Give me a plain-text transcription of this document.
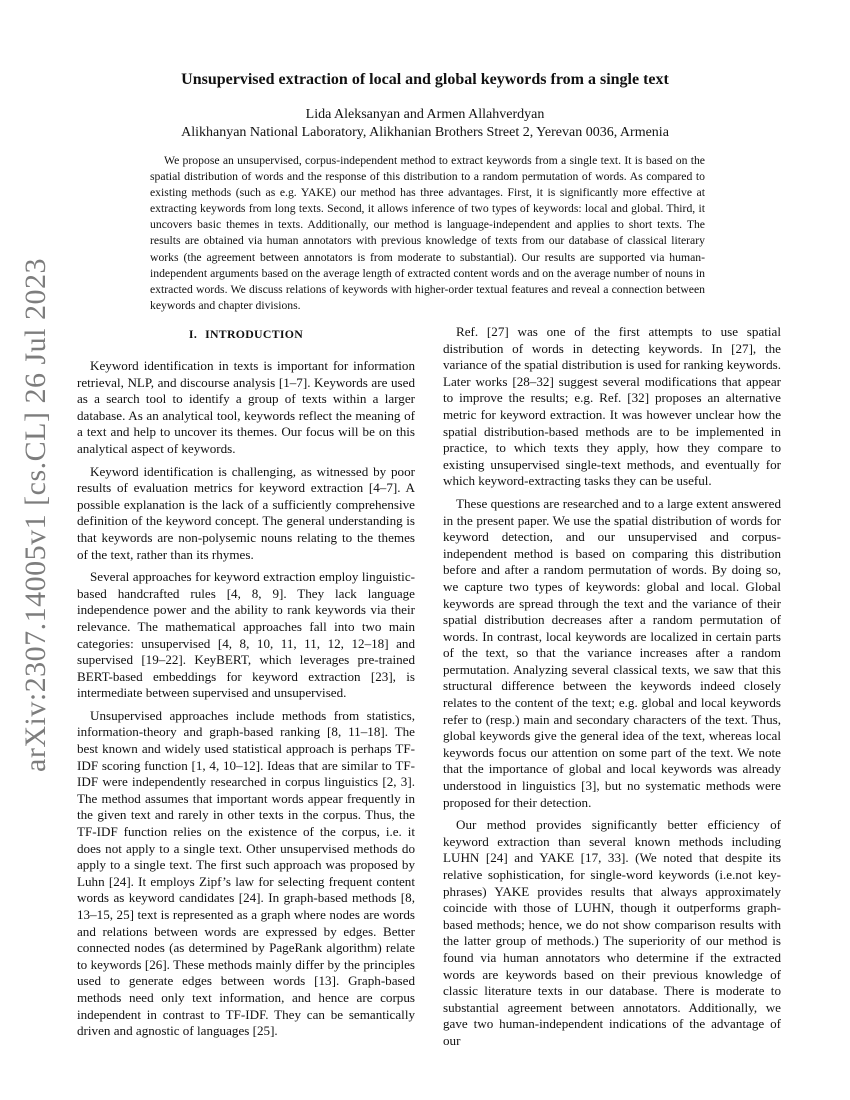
arXiv:2307.14005v1 [cs.CL] 26 Jul 2023
Unsupervised extraction of local and global keywords from a single text
Lida Aleksanyan and Armen Allahverdyan
Alikhanyan National Laboratory, Alikhanian Brothers Street 2, Yerevan 0036, Armenia

We propose an unsupervised, corpus-independent method to extract keywords from a single text. It is based on the spatial distribution of words and the response of this distribution to a random permutation of words. As compared to existing methods (such as e.g. YAKE) our method has three advantages. First, it is significantly more effective at extracting keywords from long texts. Second, it allows inference of two types of keywords: local and global. Third, it uncovers basic themes in texts. Additionally, our method is language-independent and applies to short texts. The results are obtained via human annotators with previous knowledge of texts from our database of classical literary works (the agreement between annotators is from moderate to substantial). Our results are supported via human-independent arguments based on the average length of extracted content words and on the average number of nouns in extracted words. We discuss relations of keywords with higher-order textual features and reveal a connection between keywords and chapter divisions.

I. INTRODUCTION

Keyword identification in texts is important for information retrieval, NLP, and discourse analysis [1–7]. Keywords are used as a search tool to identify a group of texts within a larger database. As an analytical tool, keywords reflect the meaning of a text and help to uncover its themes. Our focus will be on this analytical aspect of keywords.

Keyword identification is challenging, as witnessed by poor results of evaluation metrics for keyword extraction [4–7]. A possible explanation is the lack of a sufficiently comprehensive definition of the keyword concept. The general understanding is that keywords are non-polysemic nouns relating to the themes of the text, rather than its rhymes.

Several approaches for keyword extraction employ linguistic-based handcrafted rules [4, 8, 9]. They lack language independence power and the ability to rank keywords via their relevance. The mathematical approaches fall into two main categories: unsupervised [4, 8, 10, 11, 11, 12, 12–18] and supervised [19–22]. KeyBERT, which leverages pre-trained BERT-based embeddings for keyword extraction [23], is intermediate between supervised and unsupervised.

Unsupervised approaches include methods from statistics, information-theory and graph-based ranking [8, 11–18]. The best known and widely used statistical approach is perhaps TF-IDF scoring function [1, 4, 10–12]. Ideas that are similar to TF-IDF were independently researched in corpus linguistics [2, 3]. The method assumes that important words appear frequently in the given text and rarely in other texts in the corpus. Thus, the TF-IDF function relies on the existence of the corpus, i.e. it does not apply to a single text. Other unsupervised methods do apply to a single text. The first such approach was proposed by Luhn [24]. It employs Zipf’s law for selecting frequent content words as keyword candidates [24]. In graph-based methods [8, 13–15, 25] text is represented as a graph where nodes are words and relations between words are expressed by edges. Better connected nodes (as determined by PageRank algorithm) relate to keywords [26]. These methods mainly differ by the principles used to generate edges between words [13]. Graph-based methods need only text information, and hence are corpus independent in contrast to TF-IDF. They can be semantically driven and agnostic of languages [25].

Ref. [27] was one of the first attempts to use spatial distribution of words in detecting keywords. In [27], the variance of the spatial distribution is used for ranking keywords. Later works [28–32] suggest several modifications that appear to improve the results; e.g. Ref. [32] proposes an alternative metric for keyword extraction. It was however unclear how the spatial distribution-based methods are to be implemented in practice, to which texts they apply, how they compare to existing unsupervised single-text methods, and eventually for which keyword-extracting tasks they can be useful.

These questions are researched and to a large extent answered in the present paper. We use the spatial distribution of words for keyword detection, and our unsupervised and corpus-independent method is based on comparing this distribution before and after a random permutation of words. By doing so, we capture two types of keywords: global and local. Global keywords are spread through the text and the variance of their spatial distribution decreases after a random permutation of words. In contrast, local keywords are localized in certain parts of the text, so that the variance increases after a random permutation. Analyzing several classical texts, we saw that this structural difference between the keywords indeed closely relates to the content of the text; e.g. global and local keywords refer to (resp.) main and secondary characters of the text. Thus, global keywords give the general idea of the text, whereas local keywords focus our attention on some part of the text. We note that the importance of global and local keywords was already understood in linguistics [3], but no systematic methods were proposed for their detection.

Our method provides significantly better efficiency of keyword extraction than several known methods including LUHN [24] and YAKE [17, 33]. (We noted that despite its relative sophistication, for single-word keywords (i.e.not key-phrases) YAKE provides results that always approximately coincide with those of LUHN, though it outperforms graph-based methods; hence, we do not show comparison results with the latter group of methods.) The superiority of our method is found via human annotators who determine if the extracted words are keywords based on their previous knowledge of classic literature texts in our database. There is moderate to substantial agreement between annotators. Additionally, we gave two human-independent indications of the advantage of our
